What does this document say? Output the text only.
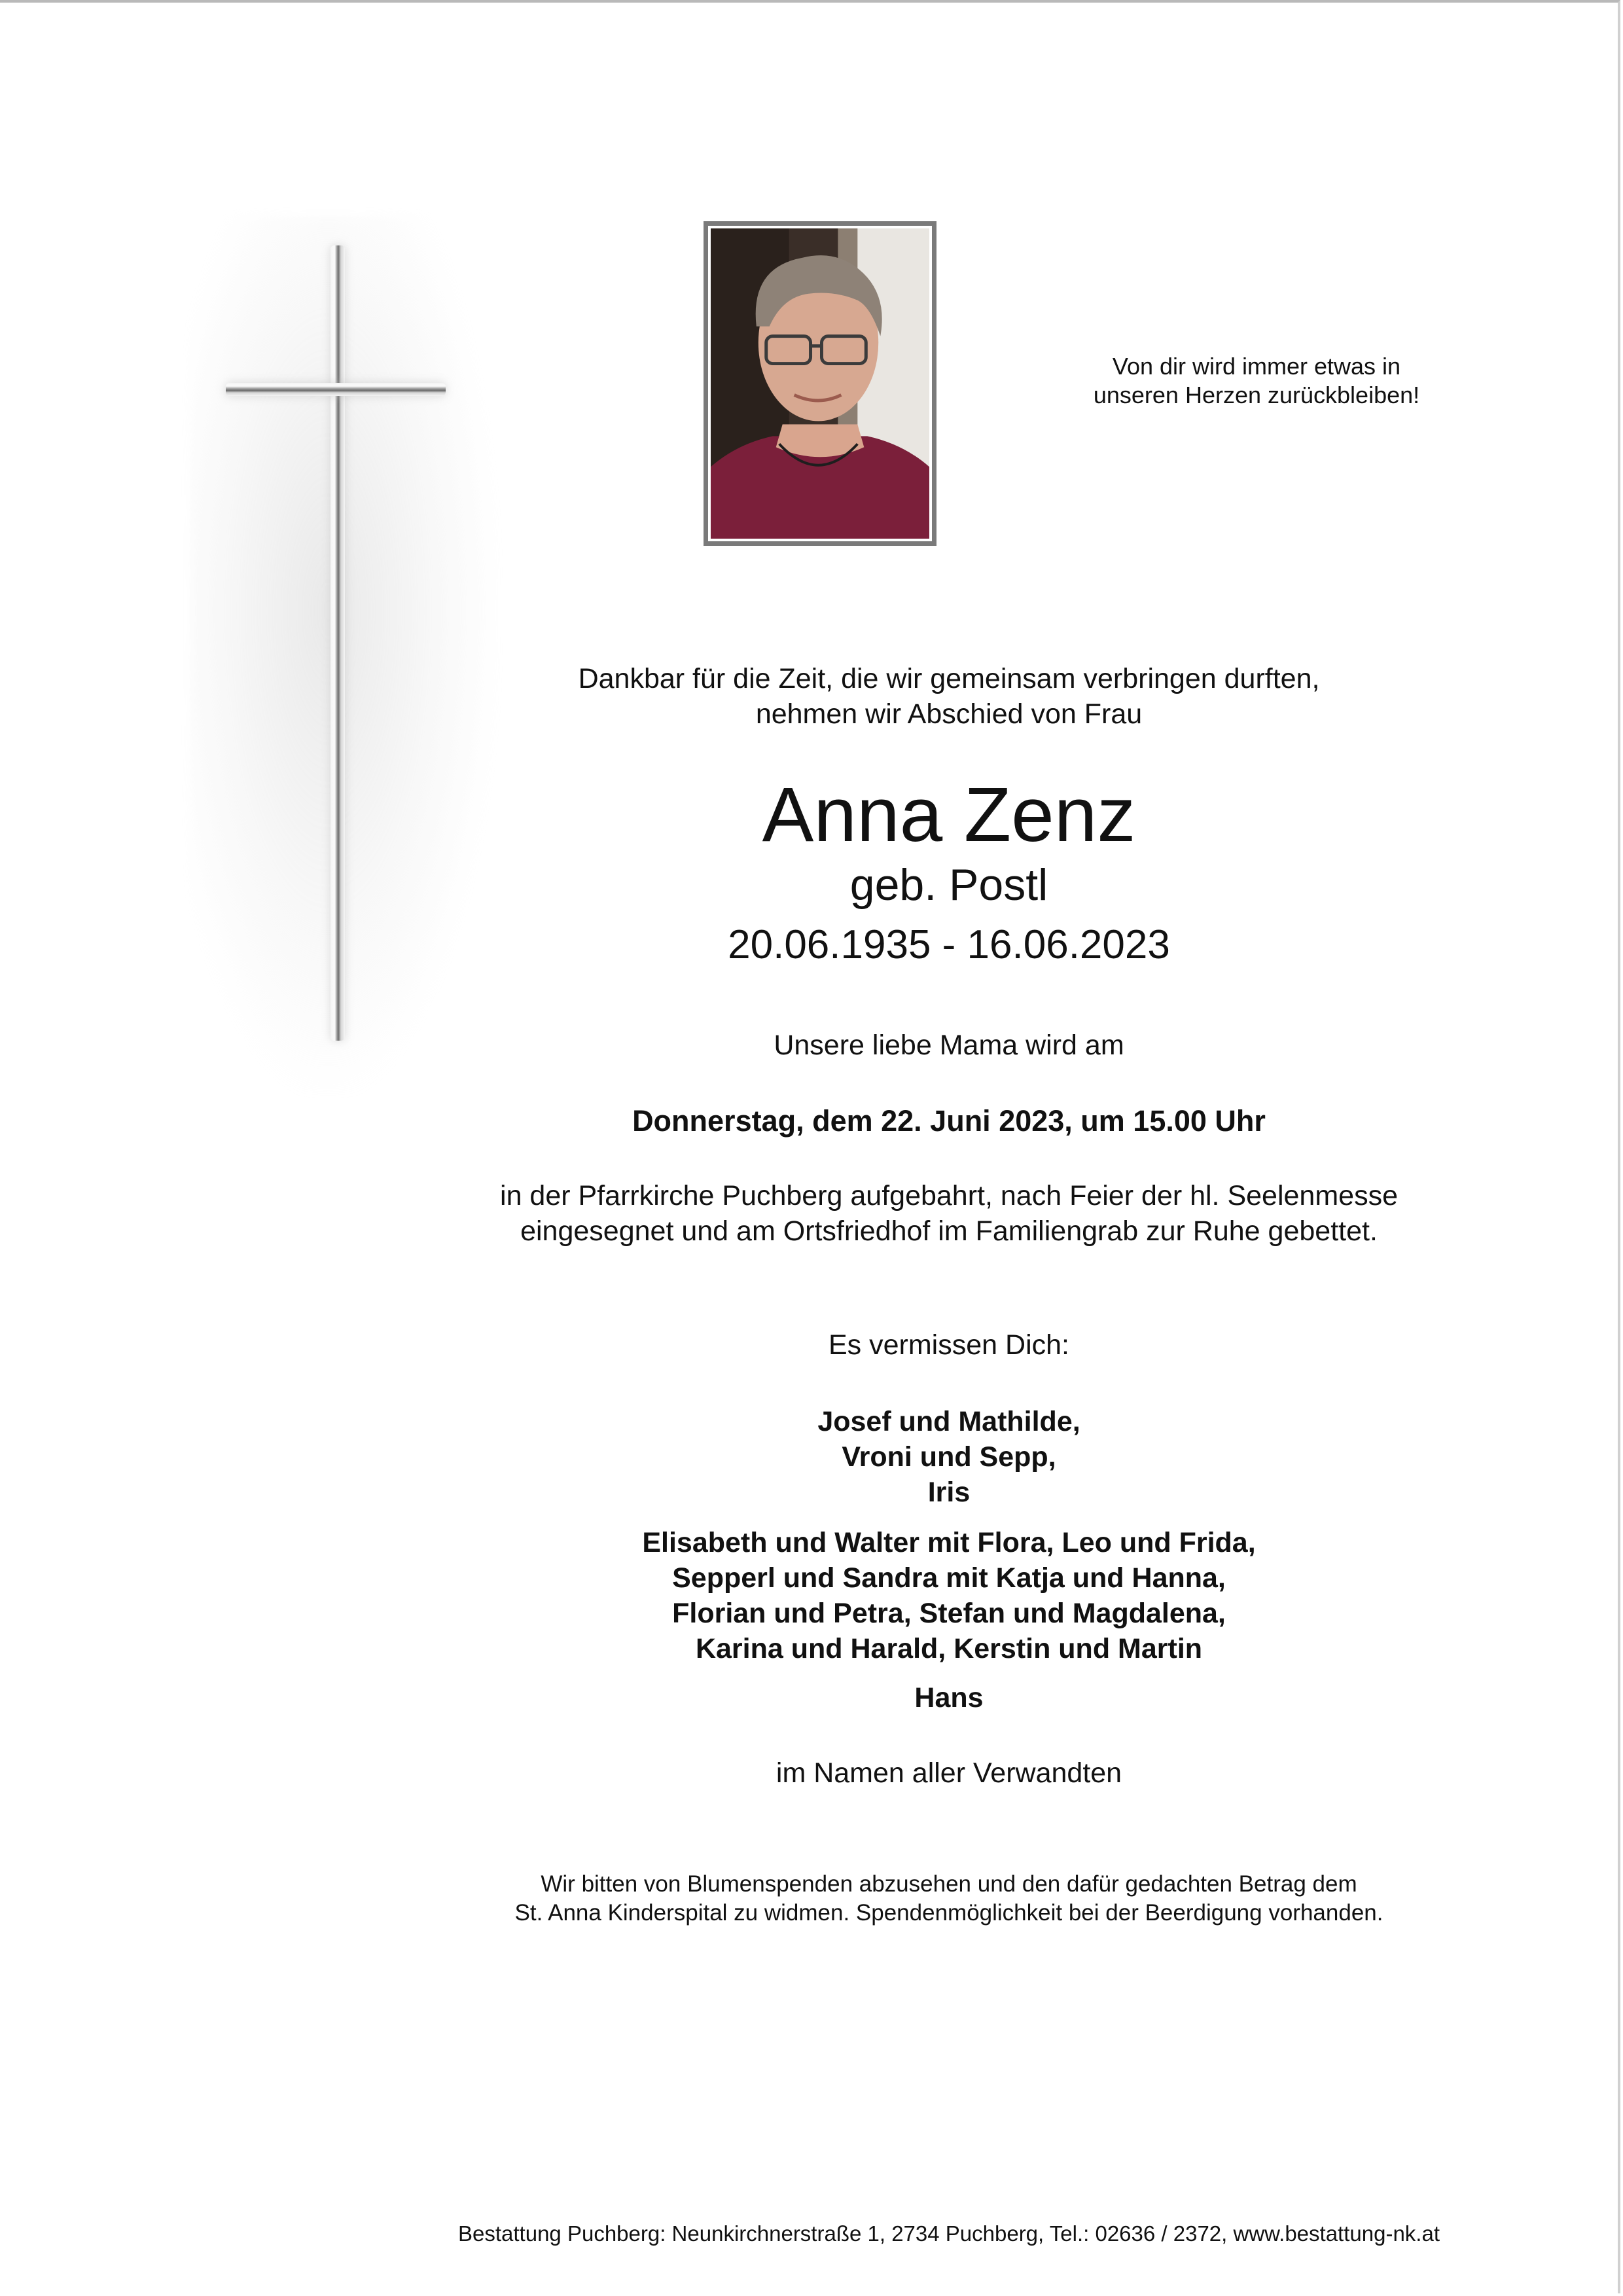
Von dir wird immer etwas in
unseren Herzen zurückbleiben!
Dankbar für die Zeit, die wir gemeinsam verbringen durften,
nehmen wir Abschied von Frau
Anna Zenz
geb. Postl
20.06.1935 - 16.06.2023
Unsere liebe Mama wird am
Donnerstag, dem 22. Juni 2023, um 15.00 Uhr
in der Pfarrkirche Puchberg aufgebahrt, nach Feier der hl. Seelenmesse
eingesegnet und am Ortsfriedhof im Familiengrab zur Ruhe gebettet.
Es vermissen Dich:
Josef und Mathilde,
Vroni und Sepp,
Iris
Elisabeth und Walter mit Flora, Leo und Frida,
Sepperl und Sandra mit Katja und Hanna,
Florian und Petra, Stefan und Magdalena,
Karina und Harald, Kerstin und Martin
Hans
im Namen aller Verwandten
Wir bitten von Blumenspenden abzusehen und den dafür gedachten Betrag dem
St. Anna Kinderspital zu widmen. Spendenmöglichkeit bei der Beerdigung vorhanden.
Bestattung Puchberg: Neunkirchnerstraße 1, 2734 Puchberg, Tel.: 02636 / 2372, www.bestattung-nk.at
